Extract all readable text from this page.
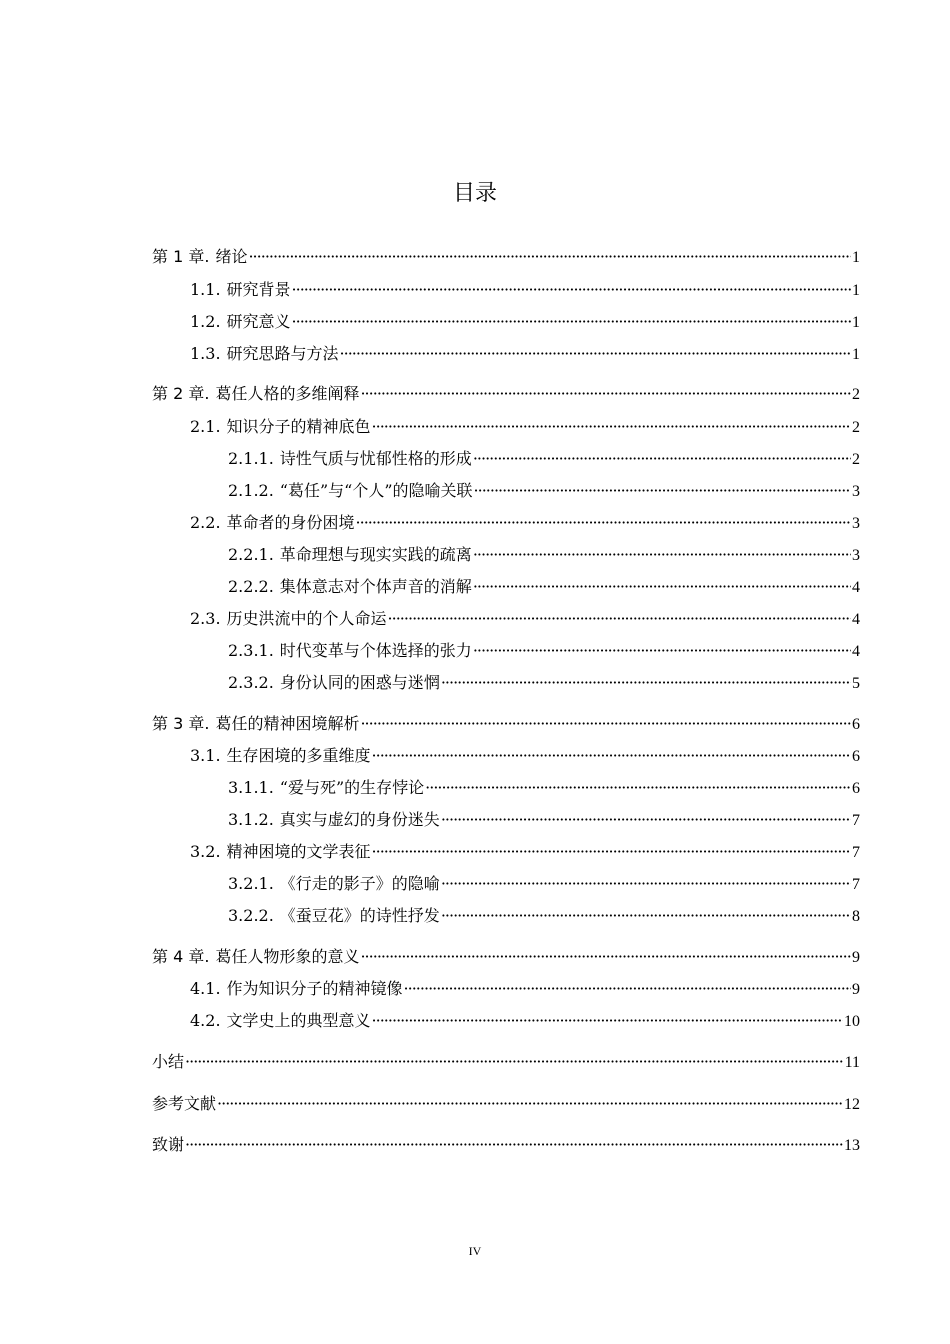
目录
第 1 章. 绪论 ·····	1
1.1. 研究背景 ·····	1
1.2. 研究意义 ·····	1
1.3. 研究思路与方法 ·····	1
第 2 章. 葛任人格的多维阐释 ·····	2
2.1. 知识分子的精神底色 ·····	2
2.1.1. 诗性气质与忧郁性格的形成 ·····	2
2.1.2. “葛任”与“个人”的隐喻关联 ·····	3
2.2. 革命者的身份困境 ·····	3
2.2.1. 革命理想与现实实践的疏离 ·····	3
2.2.2. 集体意志对个体声音的消解 ·····	4
2.3. 历史洪流中的个人命运 ·····	4
2.3.1. 时代变革与个体选择的张力 ·····	4
2.3.2. 身份认同的困惑与迷惘 ·····	5
第 3 章. 葛任的精神困境解析 ·····	6
3.1. 生存困境的多重维度 ·····	6
3.1.1. “爱与死”的生存悖论 ·····	6
3.1.2. 真实与虚幻的身份迷失 ·····	7
3.2. 精神困境的文学表征 ·····	7
3.2.1. 《行走的影子》的隐喻 ·····	7
3.2.2. 《蚕豆花》的诗性抒发 ·····	8
第 4 章. 葛任人物形象的意义 ·····	9
4.1. 作为知识分子的精神镜像 ·····	9
4.2. 文学史上的典型意义 ·····	10
小结 ·····	11
参考文献 ·····	12
致谢 ·····	13
IV
